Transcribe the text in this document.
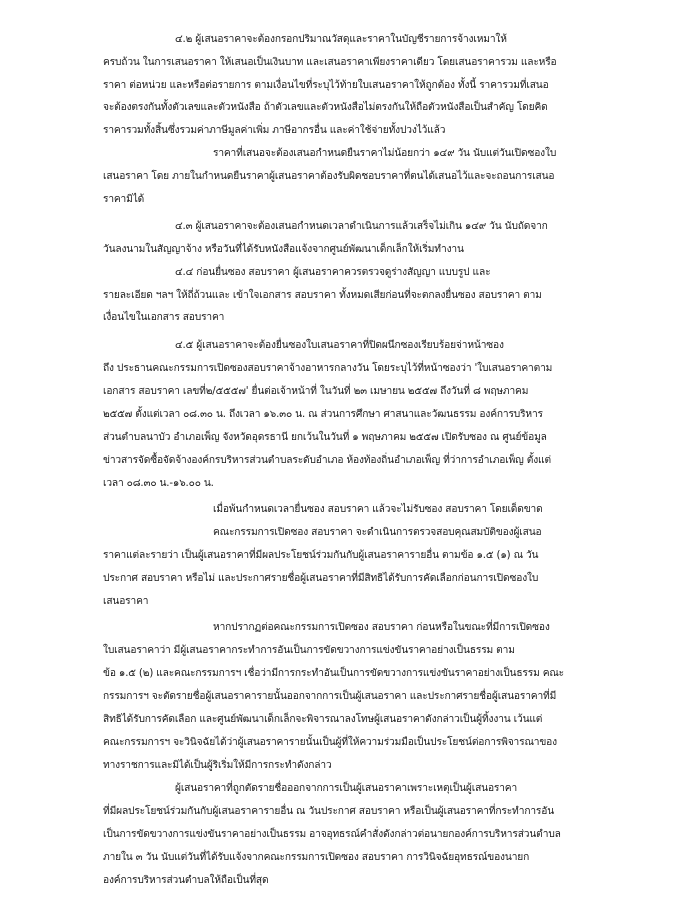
๔.๒ ผู้เสนอราคาจะต้องกรอกปริมาณวัสดุและราคาในบัญชีรายการจ้างเหมาให้
ครบถ้วน ในการเสนอราคา ให้เสนอเป็นเงินบาท และเสนอราคาเพียงราคาเดียว โดยเสนอราคารวม และหรือ
ราคา ต่อหน่วย และหรือต่อรายการ ตามเงื่อนไขที่ระบุไว้ท้ายใบเสนอราคาให้ถูกต้อง ทั้งนี้ ราคารวมที่เสนอ
จะต้องตรงกันทั้งตัวเลขและตัวหนังสือ ถ้าตัวเลขและตัวหนังสือไม่ตรงกันให้ถือตัวหนังสือเป็นสำคัญ โดยคิด
ราคารวมทั้งสิ้นซึ่งรวมค่าภาษีมูลค่าเพิ่ม ภาษีอากรอื่น และค่าใช้จ่ายทั้งปวงไว้แล้ว
ราคาที่เสนอจะต้องเสนอกำหนดยืนราคาไม่น้อยกว่า ๑๔๙ วัน นับแต่วันเปิดซองใบ
เสนอราคา โดย ภายในกำหนดยืนราคาผู้เสนอราคาต้องรับผิดชอบราคาที่ตนได้เสนอไว้และจะถอนการเสนอ
ราคามิได้
๔.๓ ผู้เสนอราคาจะต้องเสนอกำหนดเวลาดำเนินการแล้วเสร็จไม่เกิน ๑๔๙ วัน นับถัดจาก
วันลงนามในสัญญาจ้าง หรือวันที่ได้รับหนังสือแจ้งจากศูนย์พัฒนาเด็กเล็กให้เริ่มทำงาน
๔.๔ ก่อนยื่นซอง สอบราคา ผู้เสนอราคาควรตรวจดูร่างสัญญา แบบรูป และ
รายละเอียด ฯลฯ ให้ถี่ถ้วนและ เข้าใจเอกสาร สอบราคา ทั้งหมดเสียก่อนที่จะตกลงยื่นซอง สอบราคา ตาม
เงื่อนไขในเอกสาร สอบราคา
๔.๕ ผู้เสนอราคาจะต้องยื่นซองใบเสนอราคาที่ปิดผนึกซองเรียบร้อยจ่าหน้าซอง
ถึง ประธานคณะกรรมการเปิดซองสอบราคาจ้างอาหารกลางวัน โดยระบุไว้ที่หน้าซองว่า 'ใบเสนอราคาตาม
เอกสาร สอบราคา เลขที่๒/๕๕๕๗' ยื่นต่อเจ้าหน้าที่ ในวันที่ ๒๓ เมษายน ๒๕๕๗ ถึงวันที่ ๘ พฤษภาคม
๒๕๕๗ ตั้งแต่เวลา ๐๘.๓๐ น. ถึงเวลา ๑๖.๓๐ น. ณ ส่วนการศึกษา ศาสนาและวัฒนธรรม องค์การบริหาร
ส่วนตำบลนาบัว อำเภอเพ็ญ จังหวัดอุดรธานี ยกเว้นในวันที่ ๑ พฤษภาคม ๒๕๕๗ เปิดรับซอง ณ ศูนย์ข้อมูล
ข่าวสารจัดซื้อจัดจ้างองค์กรบริหารส่วนตำบลระดับอำเภอ ห้องท้องถิ่นอำเภอเพ็ญ ที่ว่าการอำเภอเพ็ญ ตั้งแต่
เวลา ๐๘.๓๐ น.-๑๖.๐๐ น.
เมื่อพ้นกำหนดเวลายื่นซอง สอบราคา แล้วจะไม่รับซอง สอบราคา โดยเด็ดขาด
คณะกรรมการเปิดซอง สอบราคา จะดำเนินการตรวจสอบคุณสมบัติของผู้เสนอ
ราคาแต่ละรายว่า เป็นผู้เสนอราคาที่มีผลประโยชน์ร่วมกันกับผู้เสนอราคารายอื่น ตามข้อ ๑.๕ (๑) ณ วัน
ประกาศ สอบราคา หรือไม่ และประกาศรายชื่อผู้เสนอราคาที่มีสิทธิได้รับการคัดเลือกก่อนการเปิดซองใบ
เสนอราคา
หากปรากฏต่อคณะกรรมการเปิดซอง สอบราคา ก่อนหรือในขณะที่มีการเปิดซอง
ใบเสนอราคาว่า มีผู้เสนอราคากระทำการอันเป็นการขัดขวางการแข่งขันราคาอย่างเป็นธรรม ตาม
ข้อ ๑.๕ (๒) และคณะกรรมการฯ เชื่อว่ามีการกระทำอันเป็นการขัดขวางการแข่งขันราคาอย่างเป็นธรรม คณะ
กรรมการฯ จะตัดรายชื่อผู้เสนอราคารายนั้นออกจากการเป็นผู้เสนอราคา และประกาศรายชื่อผู้เสนอราคาที่มี
สิทธิได้รับการคัดเลือก และศูนย์พัฒนาเด็กเล็กจะพิจารณาลงโทษผู้เสนอราคาดังกล่าวเป็นผู้ทิ้งงาน เว้นแต่
คณะกรรมการฯ จะวินิจฉัยได้ว่าผู้เสนอราคารายนั้นเป็นผู้ที่ให้ความร่วมมือเป็นประโยชน์ต่อการพิจารณาของ
ทางราชการและมิได้เป็นผู้ริเริ่มให้มีการกระทำดังกล่าว
ผู้เสนอราคาที่ถูกตัดรายชื่อออกจากการเป็นผู้เสนอราคาเพราะเหตุเป็นผู้เสนอราคา
ที่มีผลประโยชน์ร่วมกันกับผู้เสนอราคารายอื่น ณ วันประกาศ สอบราคา หรือเป็นผู้เสนอราคาที่กระทำการอัน
เป็นการขัดขวางการแข่งขันราคาอย่างเป็นธรรม อาจอุทธรณ์คำสั่งดังกล่าวต่อนายกองค์การบริหารส่วนตำบล
ภายใน ๓ วัน นับแต่วันที่ได้รับแจ้งจากคณะกรรมการเปิดซอง สอบราคา การวินิจฉัยอุทธรณ์ของนายก
องค์การบริหารส่วนตำบลให้ถือเป็นที่สุด
